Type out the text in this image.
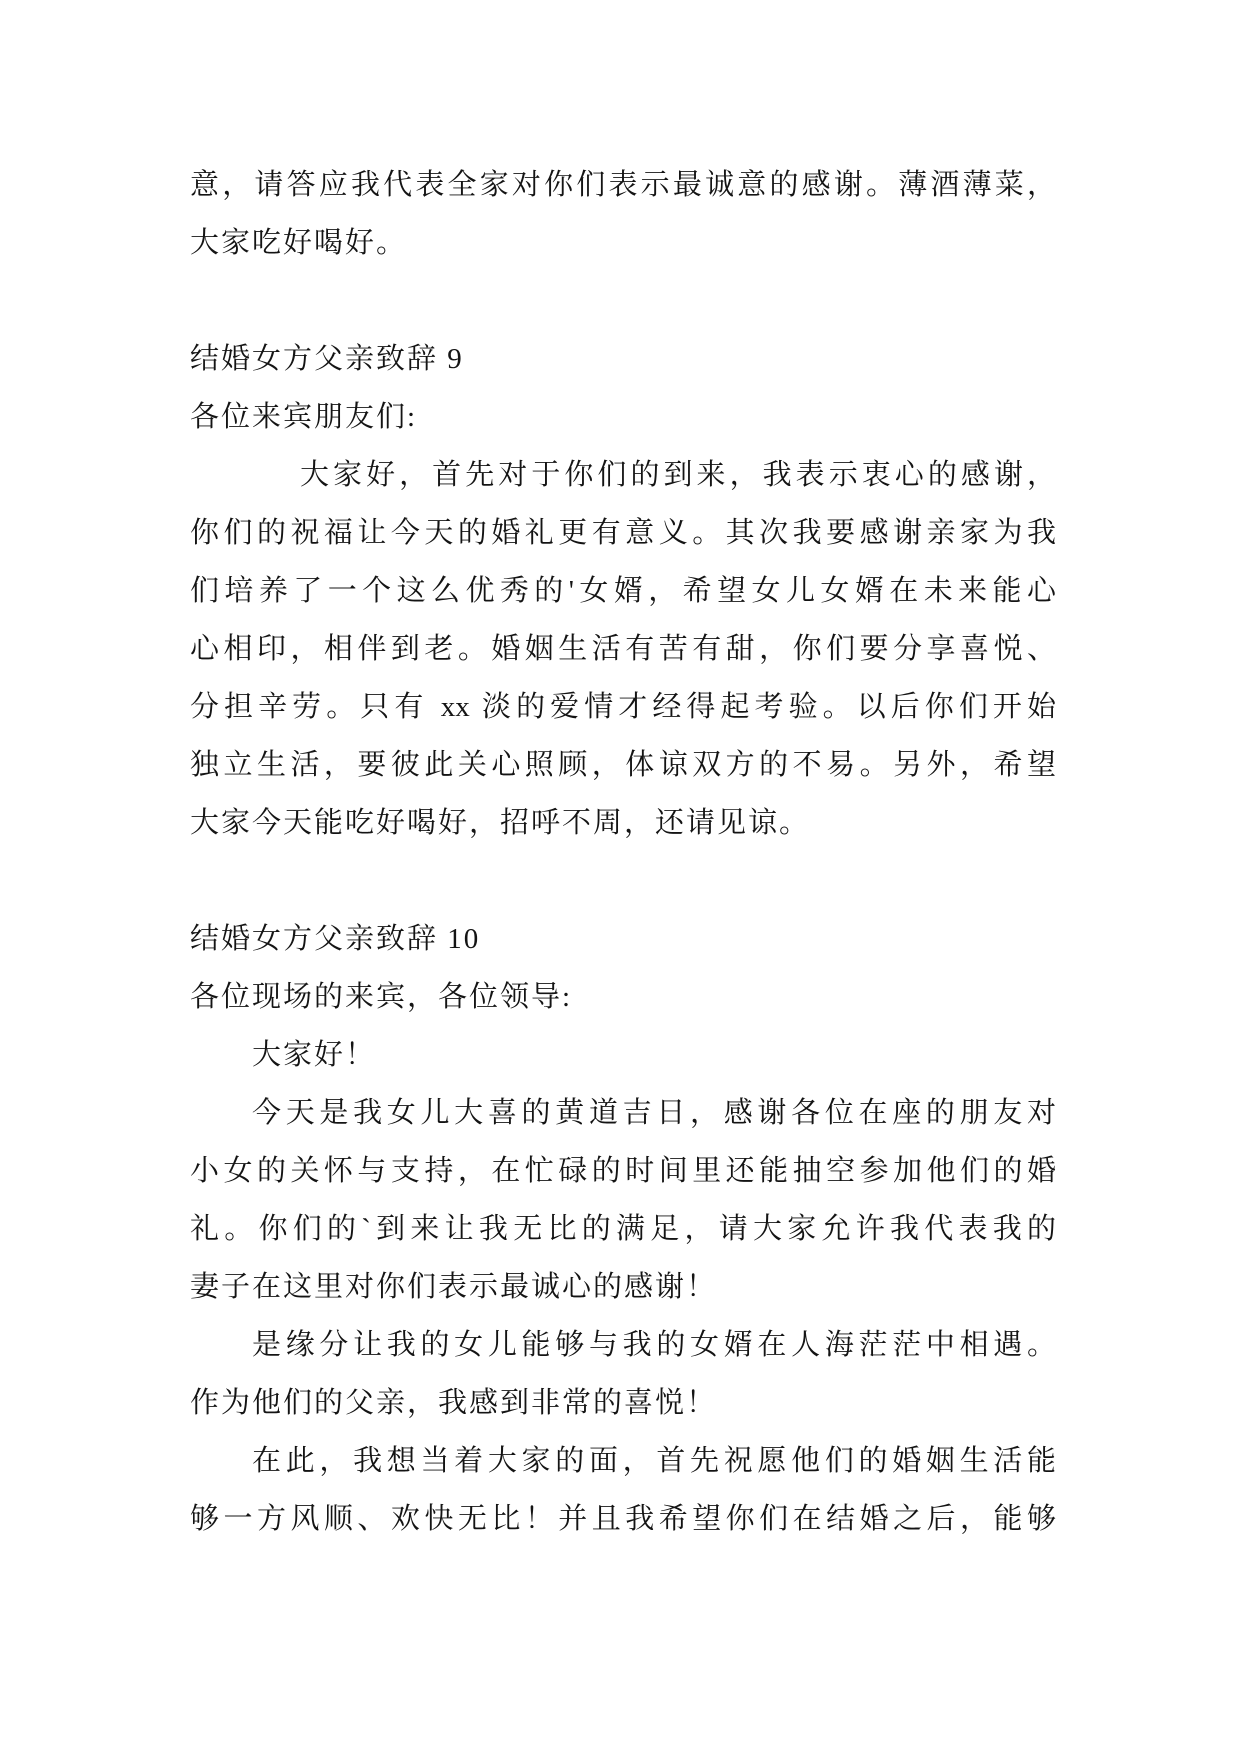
意，请答应我代表全家对你们表示最诚意的感谢。薄酒薄菜，
大家吃好喝好。
结婚女方父亲致辞 9
各位来宾朋友们:
大家好，首先对于你们的到来，我表示衷心的感谢，
你们的祝福让今天的婚礼更有意义。其次我要感谢亲家为我
们培养了一个这么优秀的'女婿，希望女儿女婿在未来能心
心相印，相伴到老。婚姻生活有苦有甜，你们要分享喜悦、
分担辛劳。只有 xx 淡的爱情才经得起考验。以后你们开始
独立生活，要彼此关心照顾，体谅双方的不易。另外，希望
大家今天能吃好喝好，招呼不周，还请见谅。
结婚女方父亲致辞 10
各位现场的来宾，各位领导:
大家好！
今天是我女儿大喜的黄道吉日，感谢各位在座的朋友对
小女的关怀与支持，在忙碌的时间里还能抽空参加他们的婚
礼。你们的`到来让我无比的满足，请大家允许我代表我的
妻子在这里对你们表示最诚心的感谢！
是缘分让我的女儿能够与我的女婿在人海茫茫中相遇。
作为他们的父亲，我感到非常的喜悦！
在此，我想当着大家的面，首先祝愿他们的婚姻生活能
够一方风顺、欢快无比！并且我希望你们在结婚之后，能够
